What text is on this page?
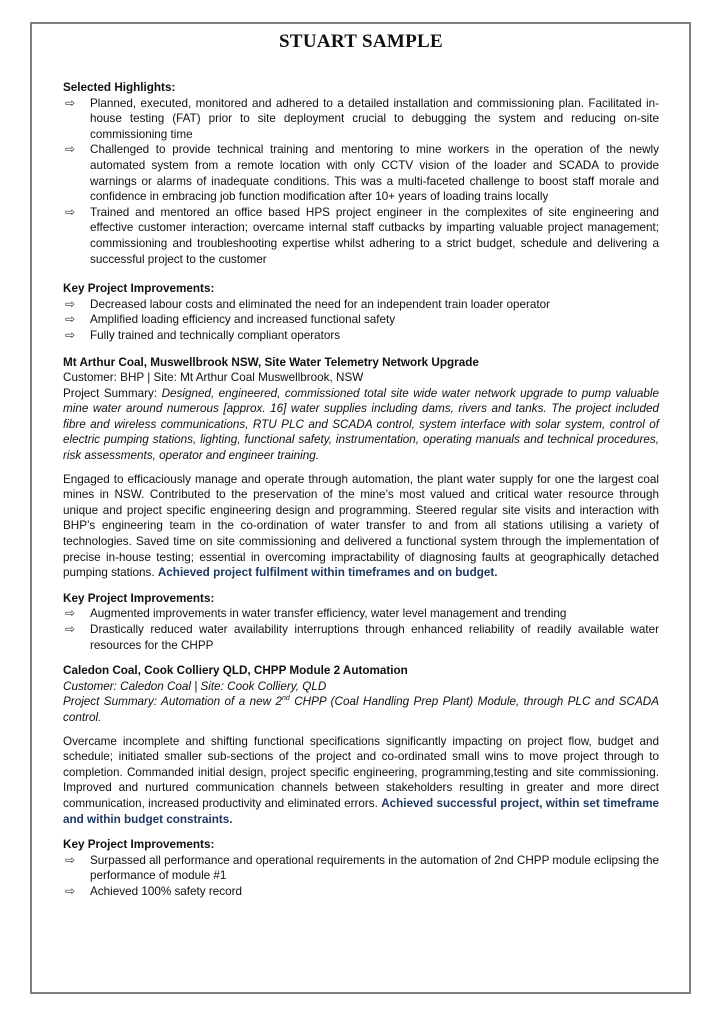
STUART SAMPLE
Selected Highlights:
⇨ Planned, executed, monitored and adhered to a detailed installation and commissioning plan. Facilitated in-house testing (FAT) prior to site deployment crucial to debugging the system and reducing on-site commissioning time
⇨ Challenged to provide technical training and mentoring to mine workers in the operation of the newly automated system from a remote location with only CCTV vision of the loader and SCADA to provide warnings or alarms of inadequate conditions. This was a multi-faceted challenge to boost staff morale and confidence in embracing job function modification after 10+ years of loading trains locally
⇨ Trained and mentored an office based HPS project engineer in the complexites of site engineering and effective customer interaction; overcame internal staff cutbacks by imparting valuable project management; commissioning and troubleshooting expertise whilst adhering to a strict budget, schedule and delivering a successful project to the customer
Key Project Improvements:
⇨ Decreased labour costs and eliminated the need for an independent train loader operator
⇨ Amplified loading efficiency and increased functional safety
⇨ Fully trained and technically compliant operators
Mt Arthur Coal, Muswellbrook NSW, Site Water Telemetry Network Upgrade

Customer: BHP | Site: Mt Arthur Coal Muswellbrook, NSW

Project Summary: Designed, engineered, commissioned total site wide water network upgrade to pump valuable mine water around numerous [approx. 16] water supplies including dams, rivers and tanks. The project included fibre and wireless communications, RTU PLC and SCADA control, system interface with solar system, control of electric pumping stations, lighting, functional safety, instrumentation, operating manuals and technical procedures, risk assessments, operator and engineer training.

Engaged to efficaciously manage and operate through automation, the plant water supply for one the largest coal mines in NSW. Contributed to the preservation of the mine’s most valued and critical water resource through unique and project specific engineering design and programming. Steered regular site visits and interaction with BHP’s engineering team in the co-ordination of water transfer to and from all stations utilising a variety of technologies. Saved time on site commissioning and delivered a functional system through the implementation of precise in-house testing; essential in overcoming impractability of diagnosing faults at geographically detached pumping stations. Achieved project fulfilment within timeframes and on budget.

Key Project Improvements:
⇨ Augmented improvements in water transfer efficiency, water level management and trending
⇨ Drastically reduced water availability interruptions through enhanced reliability of readily available water resources for the CHPP
Caledon Coal, Cook Colliery QLD, CHPP Module 2 Automation

Customer: Caledon Coal | Site: Cook Colliery, QLD

Project Summary: Automation of a new 2nd CHPP (Coal Handling Prep Plant) Module, through PLC and SCADA control.

Overcame incomplete and shifting functional specifications significantly impacting on project flow, budget and schedule; initiated smaller sub-sections of the project and co-ordinated small wins to move project through to completion. Commanded initial design, project specific engineering, programming,testing and site commissioning. Improved and nurtured communication channels between stakeholders resulting in greater and more direct communication, increased productivity and eliminated errors. Achieved successful project, within set timeframe and within budget constraints.

Key Project Improvements:
⇨ Surpassed all performance and operational requirements in the automation of 2nd CHPP module eclipsing the performance of module #1
⇨ Achieved 100% safety record
